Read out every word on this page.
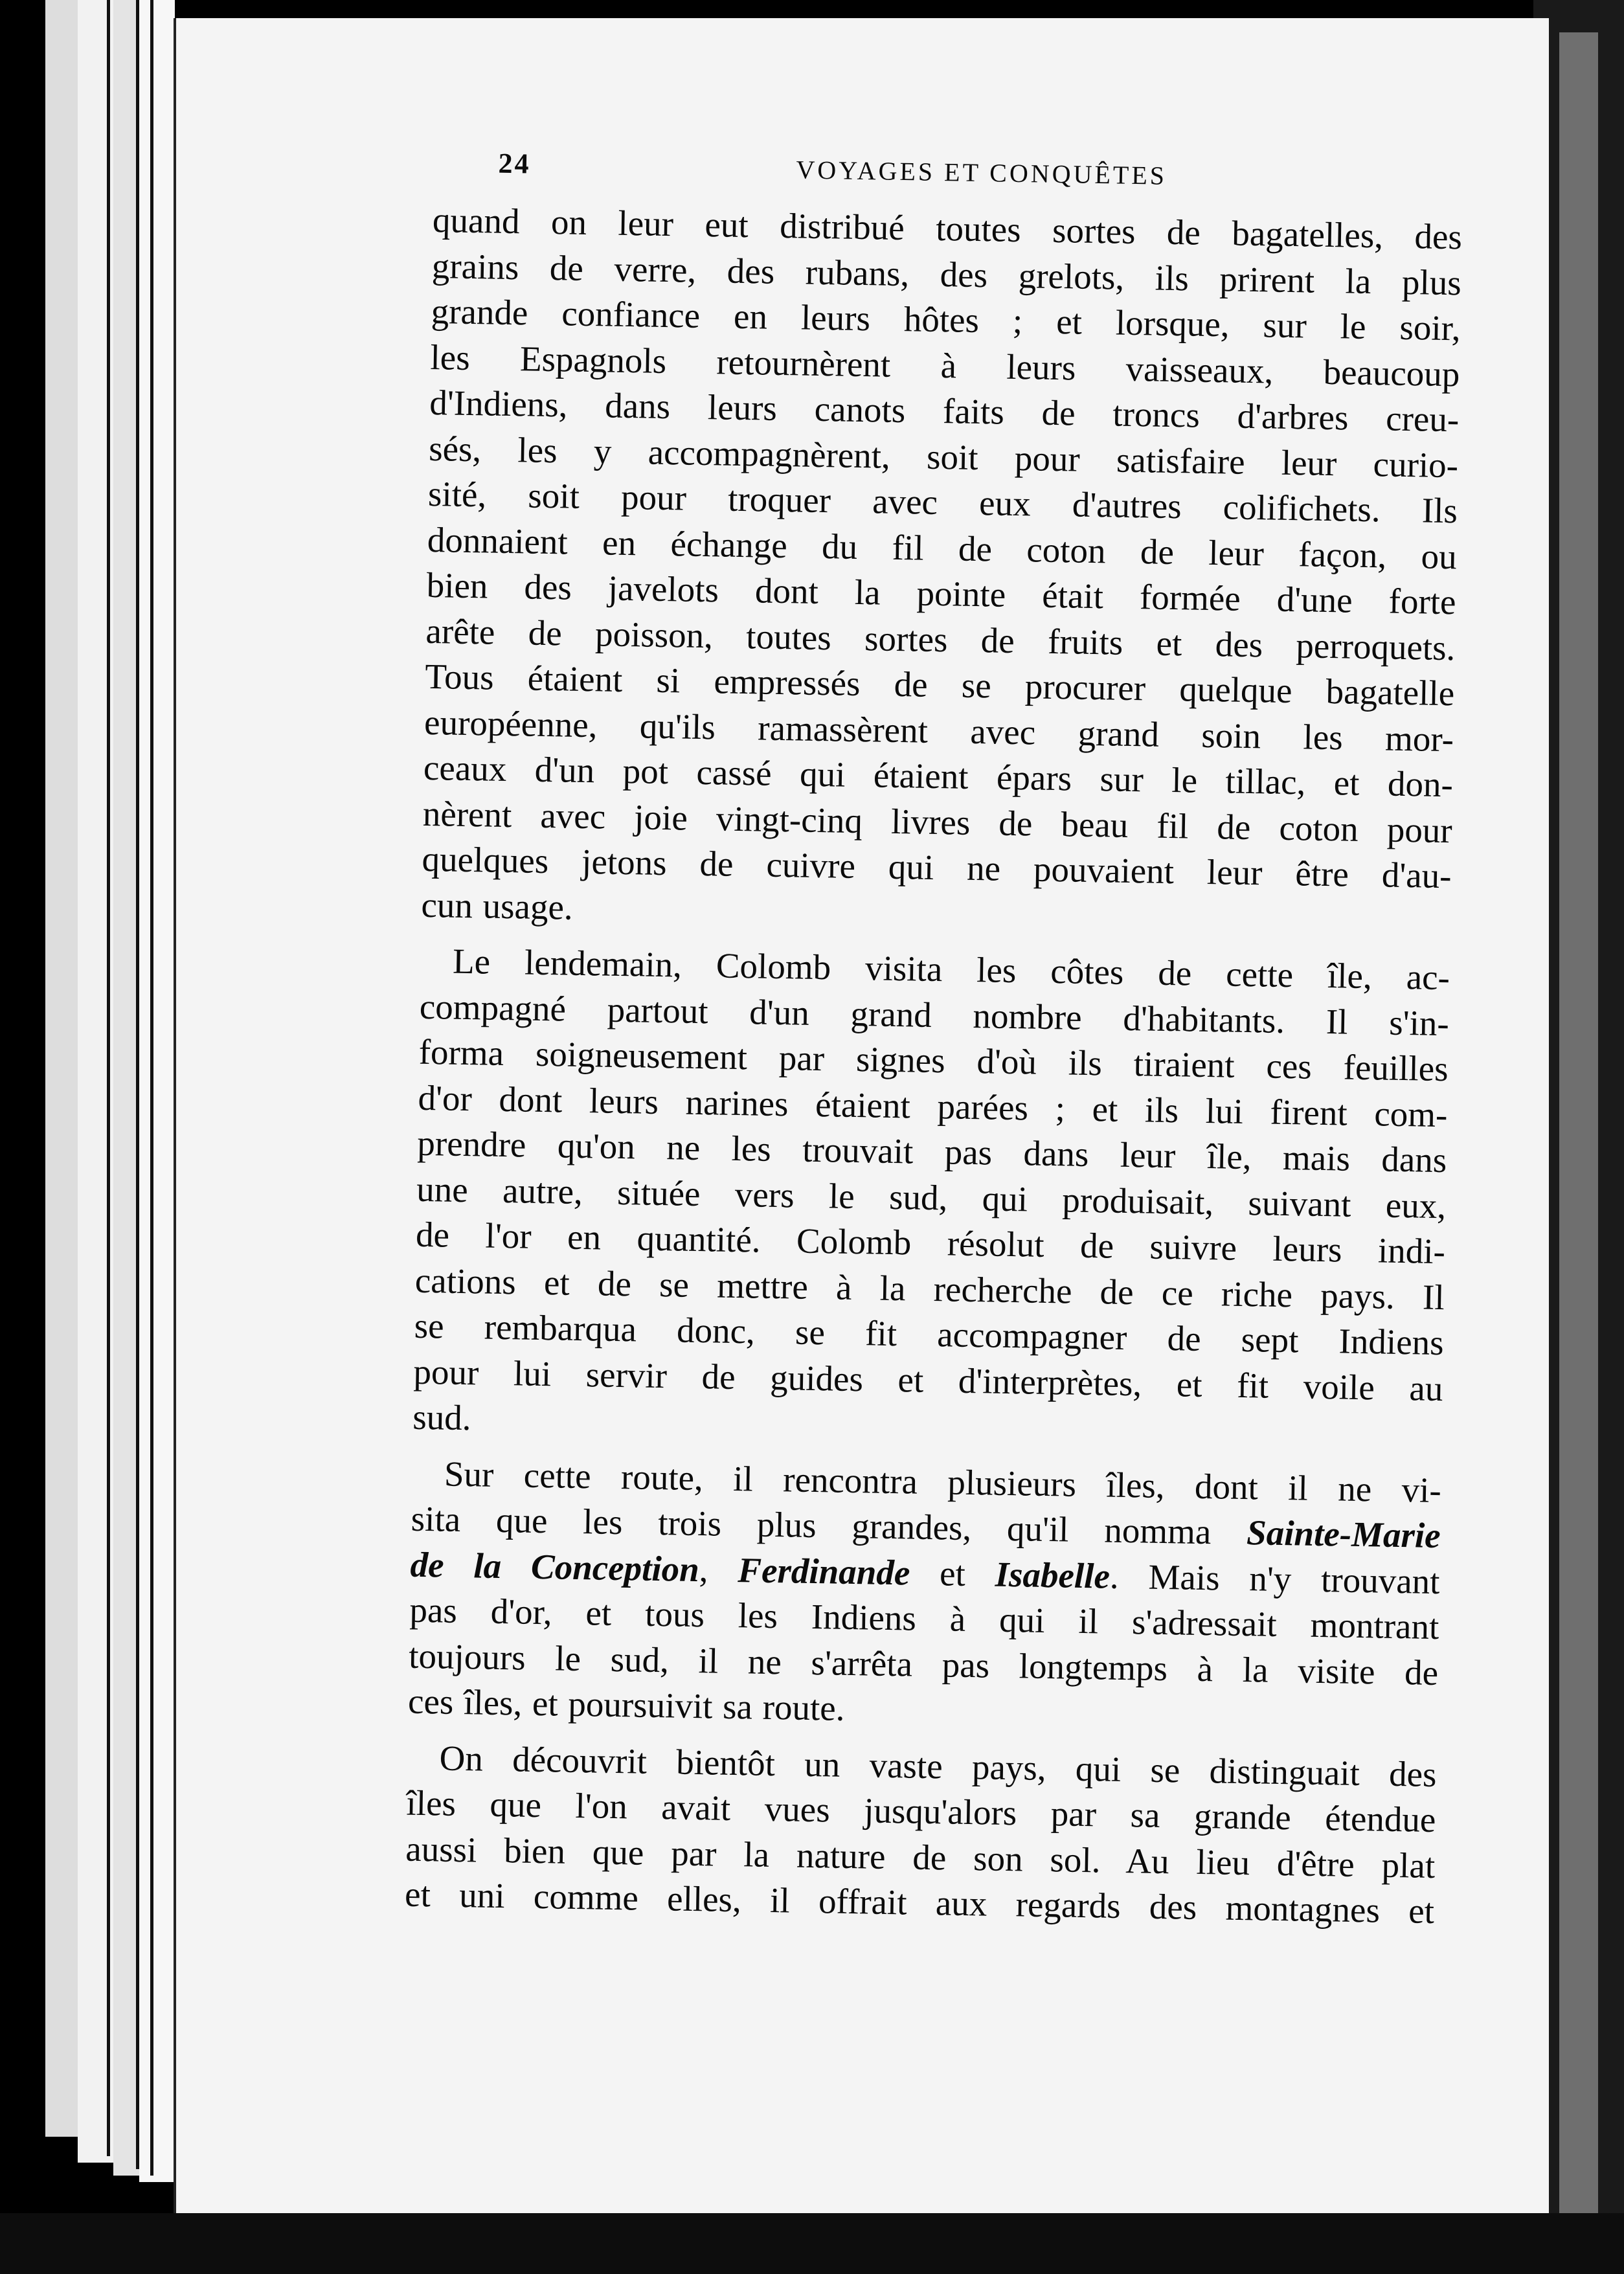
24	VOYAGES ET CONQUÊTES
quand on leur eut distribué toutes sortes de bagatelles, des
grains de verre, des rubans, des grelots, ils prirent la plus
grande confiance en leurs hôtes ; et lorsque, sur le soir,
les Espagnols retournèrent à leurs vaisseaux, beaucoup
d'Indiens, dans leurs canots faits de troncs d'arbres creu-
sés, les y accompagnèrent, soit pour satisfaire leur curio-
sité, soit pour troquer avec eux d'autres colifichets. Ils
donnaient en échange du fil de coton de leur façon, ou
bien des javelots dont la pointe était formée d'une forte
arête de poisson, toutes sortes de fruits et des perroquets.
Tous étaient si empressés de se procurer quelque bagatelle
européenne, qu'ils ramassèrent avec grand soin les mor-
ceaux d'un pot cassé qui étaient épars sur le tillac, et don-
nèrent avec joie vingt-cinq livres de beau fil de coton pour
quelques jetons de cuivre qui ne pouvaient leur être d'au-
cun usage.
Le lendemain, Colomb visita les côtes de cette île, ac-
compagné partout d'un grand nombre d'habitants. Il s'in-
forma soigneusement par signes d'où ils tiraient ces feuilles
d'or dont leurs narines étaient parées ; et ils lui firent com-
prendre qu'on ne les trouvait pas dans leur île, mais dans
une autre, située vers le sud, qui produisait, suivant eux,
de l'or en quantité. Colomb résolut de suivre leurs indi-
cations et de se mettre à la recherche de ce riche pays. Il
se rembarqua donc, se fit accompagner de sept Indiens
pour lui servir de guides et d'interprètes, et fit voile au
sud.
Sur cette route, il rencontra plusieurs îles, dont il ne vi-
sita que les trois plus grandes, qu'il nomma Sainte-Marie
de la Conception, Ferdinande et Isabelle. Mais n'y trouvant
pas d'or, et tous les Indiens à qui il s'adressait montrant
toujours le sud, il ne s'arrêta pas longtemps à la visite de
ces îles, et poursuivit sa route.
On découvrit bientôt un vaste pays, qui se distinguait des
îles que l'on avait vues jusqu'alors par sa grande étendue
aussi bien que par la nature de son sol. Au lieu d'être plat
et uni comme elles, il offrait aux regards des montagnes et
